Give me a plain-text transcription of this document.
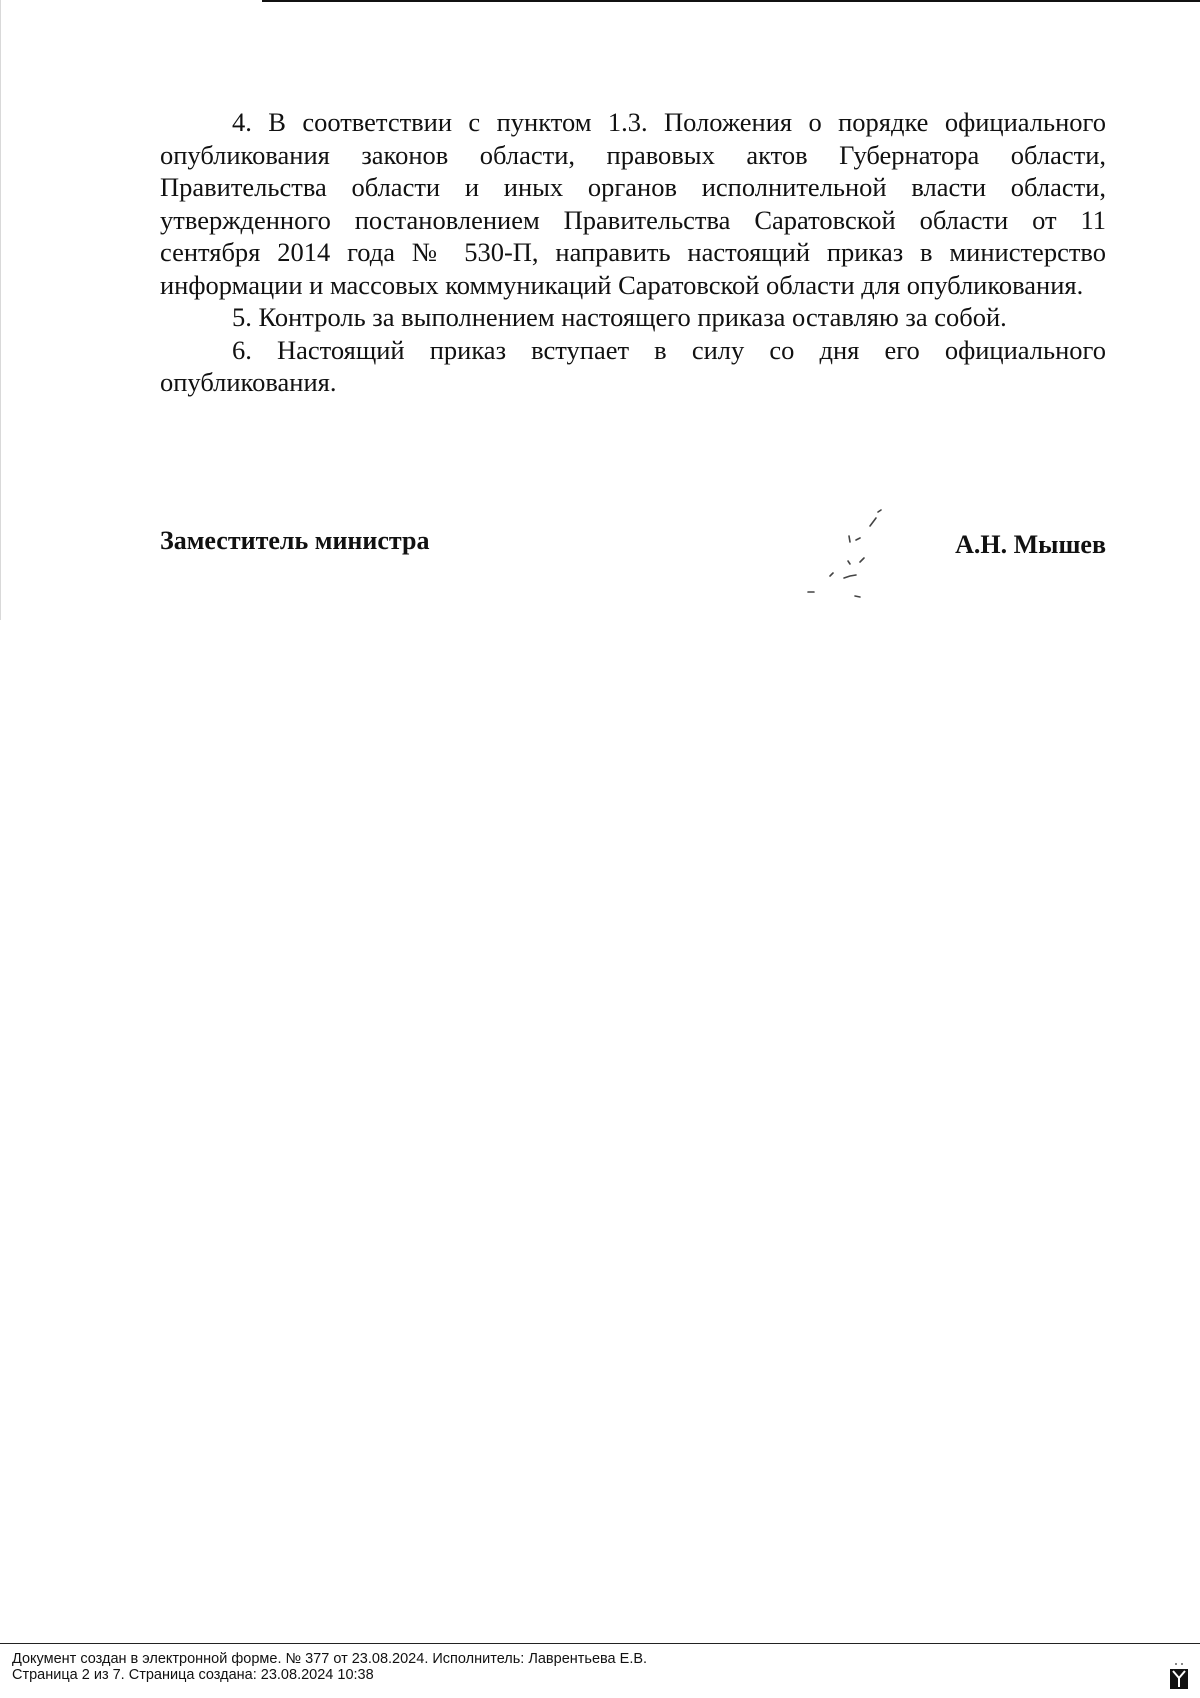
4. В соответствии с пунктом 1.3. Положения о порядке официального опубликования законов области, правовых актов Губернатора области, Правительства области и иных органов исполнительной власти области, утвержденного постановлением Правительства Саратовской области от 11 сентября 2014 года № 530-П, направить настоящий приказ в министерство информации и массовых коммуникаций Саратовской области для опубликования.

5. Контроль за выполнением настоящего приказа оставляю за собой.

6. Настоящий приказ вступает в силу со дня его официального опубликования.

Заместитель министра	А.Н. Мышев
Документ создан в электронной форме. № 377 от 23.08.2024. Исполнитель: Лаврентьева Е.В.
Страница 2 из 7. Страница создана: 23.08.2024 10:38
